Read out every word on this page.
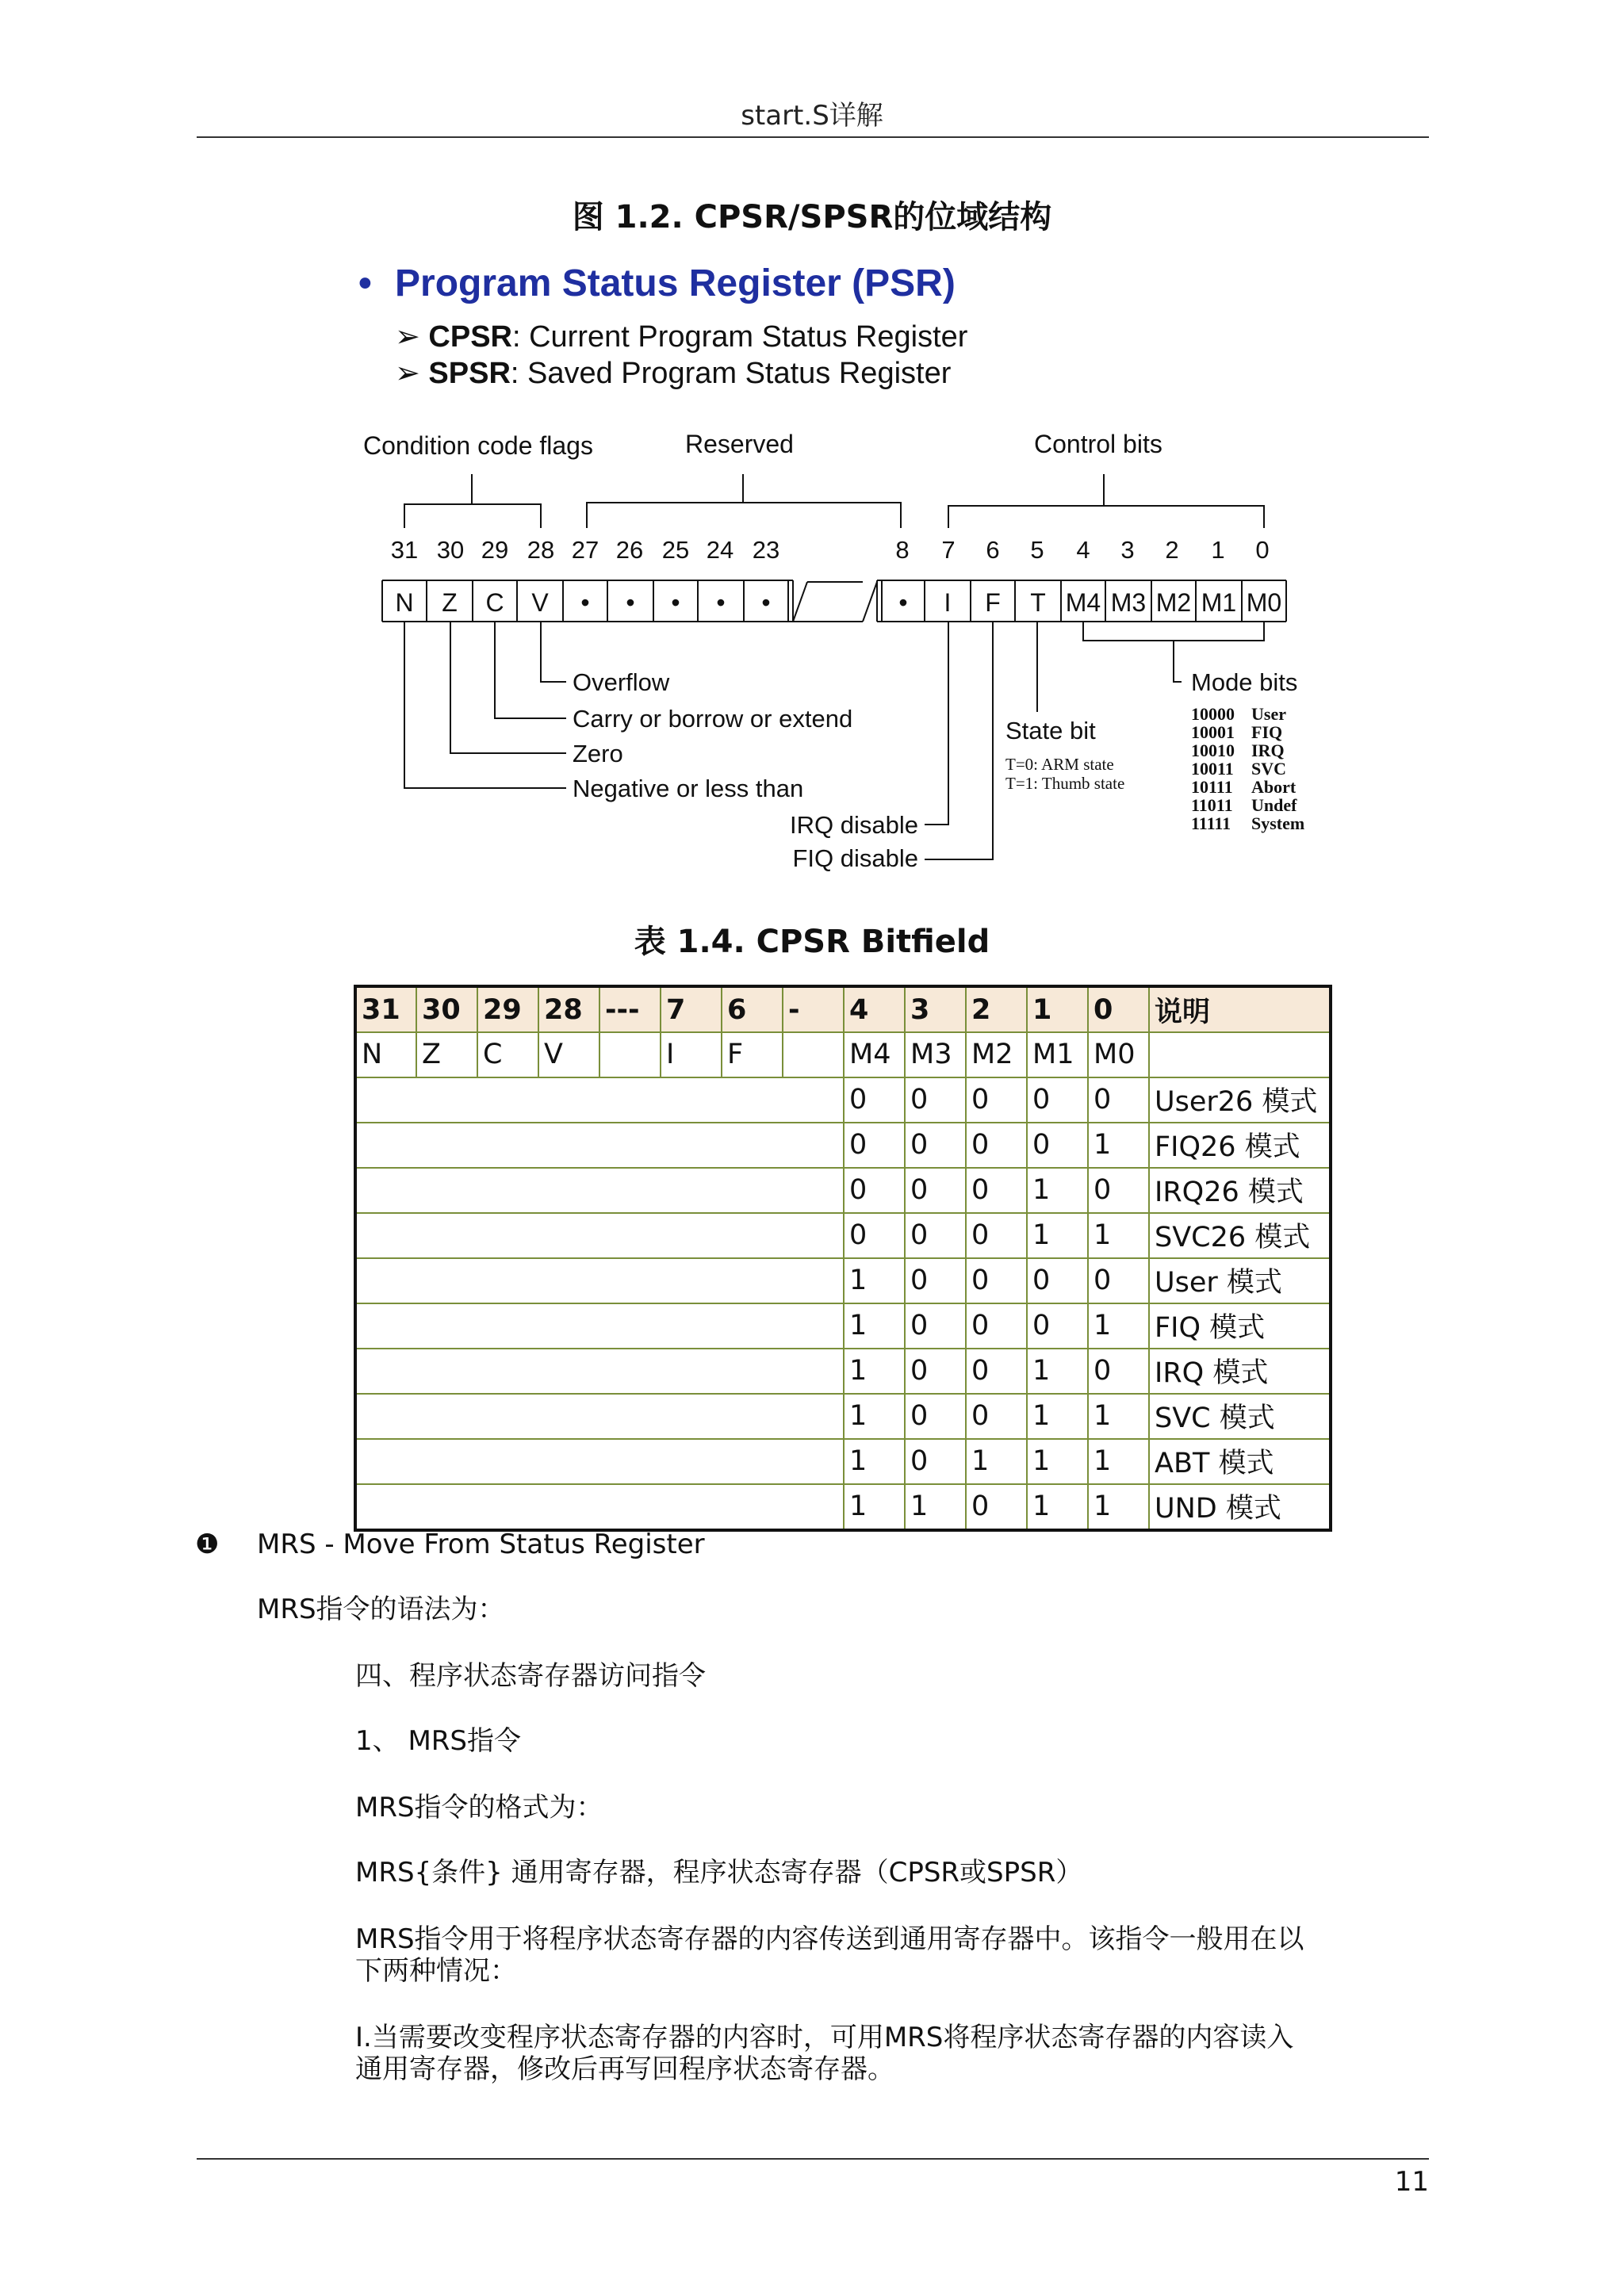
start.S详解
图 1.2. CPSR/SPSR的位域结构
• Program Status Register (PSR)
➢ CPSR: Current Program Status Register
➢ SPSR: Saved Program Status Register
Condition code flags	Reserved	Control bits
31 30 29 28 27 26 25 24 23	8 7 6 5 4 3 2 1 0
N Z C V • • • • •	• I F T M4 M3 M2 M1 M0
Overflow
Carry or borrow or extend
Zero
Negative or less than
IRQ disable
FIQ disable
State bit
Mode bits
T=0: ARM state
T=1: Thumb state
10000 User
10001 FIQ
10010 IRQ
10011 SVC
10111 Abort
11011 Undef
11111 System
表 1.4. CPSR Bitfield
31	30	29	28	---	7	6	-	4	3	2	1	0	说明
N	Z	C	V		I	F		M4	M3	M2	M1	M0	
								0	0	0	0	0	User26 模式
								0	0	0	0	1	FIQ26 模式
								0	0	0	1	0	IRQ26 模式
								0	0	0	1	1	SVC26 模式
								1	0	0	0	0	User 模式
								1	0	0	0	1	FIQ 模式
								1	0	0	1	0	IRQ 模式
								1	0	0	1	1	SVC 模式
								1	0	1	1	1	ABT 模式
								1	1	0	1	1	UND 模式
❶ MRS - Move From Status Register
MRS指令的语法为：
四、程序状态寄存器访问指令
1、 MRS指令
MRS指令的格式为：
MRS{条件} 通用寄存器，程序状态寄存器（CPSR或SPSR）
MRS指令用于将程序状态寄存器的内容传送到通用寄存器中。该指令一般用在以
下两种情况：
Ⅰ.当需要改变程序状态寄存器的内容时，可用MRS将程序状态寄存器的内容读入
通用寄存器，修改后再写回程序状态寄存器。
11
